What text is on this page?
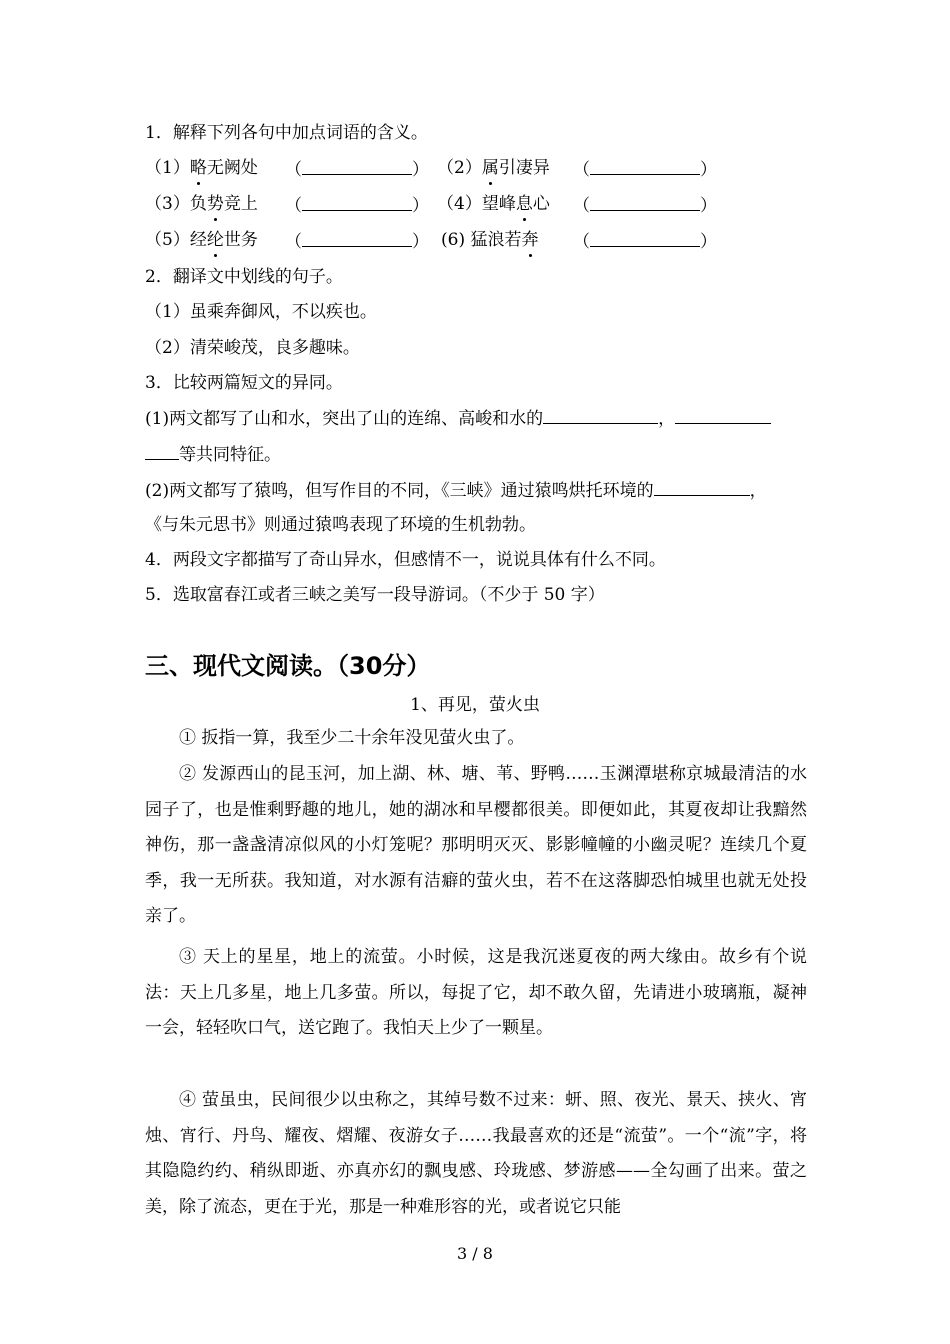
1．解释下列各句中加点词语的含义。
（1）略无阙处 （	） （2）属引凄异 （	）
（3）负势竞上 （	） （4）望峰息心 （	）
（5）经纶世务 （	） (6) 猛浪若奔 （	）
2．翻译文中划线的句子。
（1）虽乘奔御风，不以疾也。
（2）清荣峻茂，良多趣味。
3．比较两篇短文的异同。
(1)两文都写了山和水，突出了山的连绵、高峻和水的	，
等共同特征。
(2)两文都写了猿鸣，但写作目的不同，《三峡》通过猿鸣烘托环境的	，
《与朱元思书》则通过猿鸣表现了环境的生机勃勃。
4．两段文字都描写了奇山异水，但感情不一，说说具体有什么不同。
5．选取富春江或者三峡之美写一段导游词。（不少于 50 字）
三、现代文阅读。（30分）
1、再见，萤火虫
① 扳指一算，我至少二十余年没见萤火虫了。
② 发源西山的昆玉河，加上湖、林、塘、苇、野鸭……玉渊潭堪称京城最清洁的水园子了，也是惟剩野趣的地儿，她的湖冰和早樱都很美。即便如此，其夏夜却让我黯然神伤，那一盏盏清凉似风的小灯笼呢？那明明灭灭、影影幢幢的小幽灵呢？连续几个夏季，我一无所获。我知道，对水源有洁癖的萤火虫，若不在这落脚恐怕城里也就无处投亲了。
③ 天上的星星，地上的流萤。小时候，这是我沉迷夏夜的两大缘由。故乡有个说法：天上几多星，地上几多萤。所以，每捉了它，却不敢久留，先请进小玻璃瓶，凝神一会，轻轻吹口气，送它跑了。我怕天上少了一颗星。
④ 萤虽虫，民间很少以虫称之，其绰号数不过来：蚈、照、夜光、景天、挟火、宵烛、宵行、丹鸟、耀夜、熠耀、夜游女子……我最喜欢的还是“流萤”。一个“流”字，将其隐隐约约、稍纵即逝、亦真亦幻的飘曳感、玲珑感、梦游感——全勾画了出来。萤之美，除了流态，更在于光，那是一种难形容的光，或者说它只能
3 / 8
